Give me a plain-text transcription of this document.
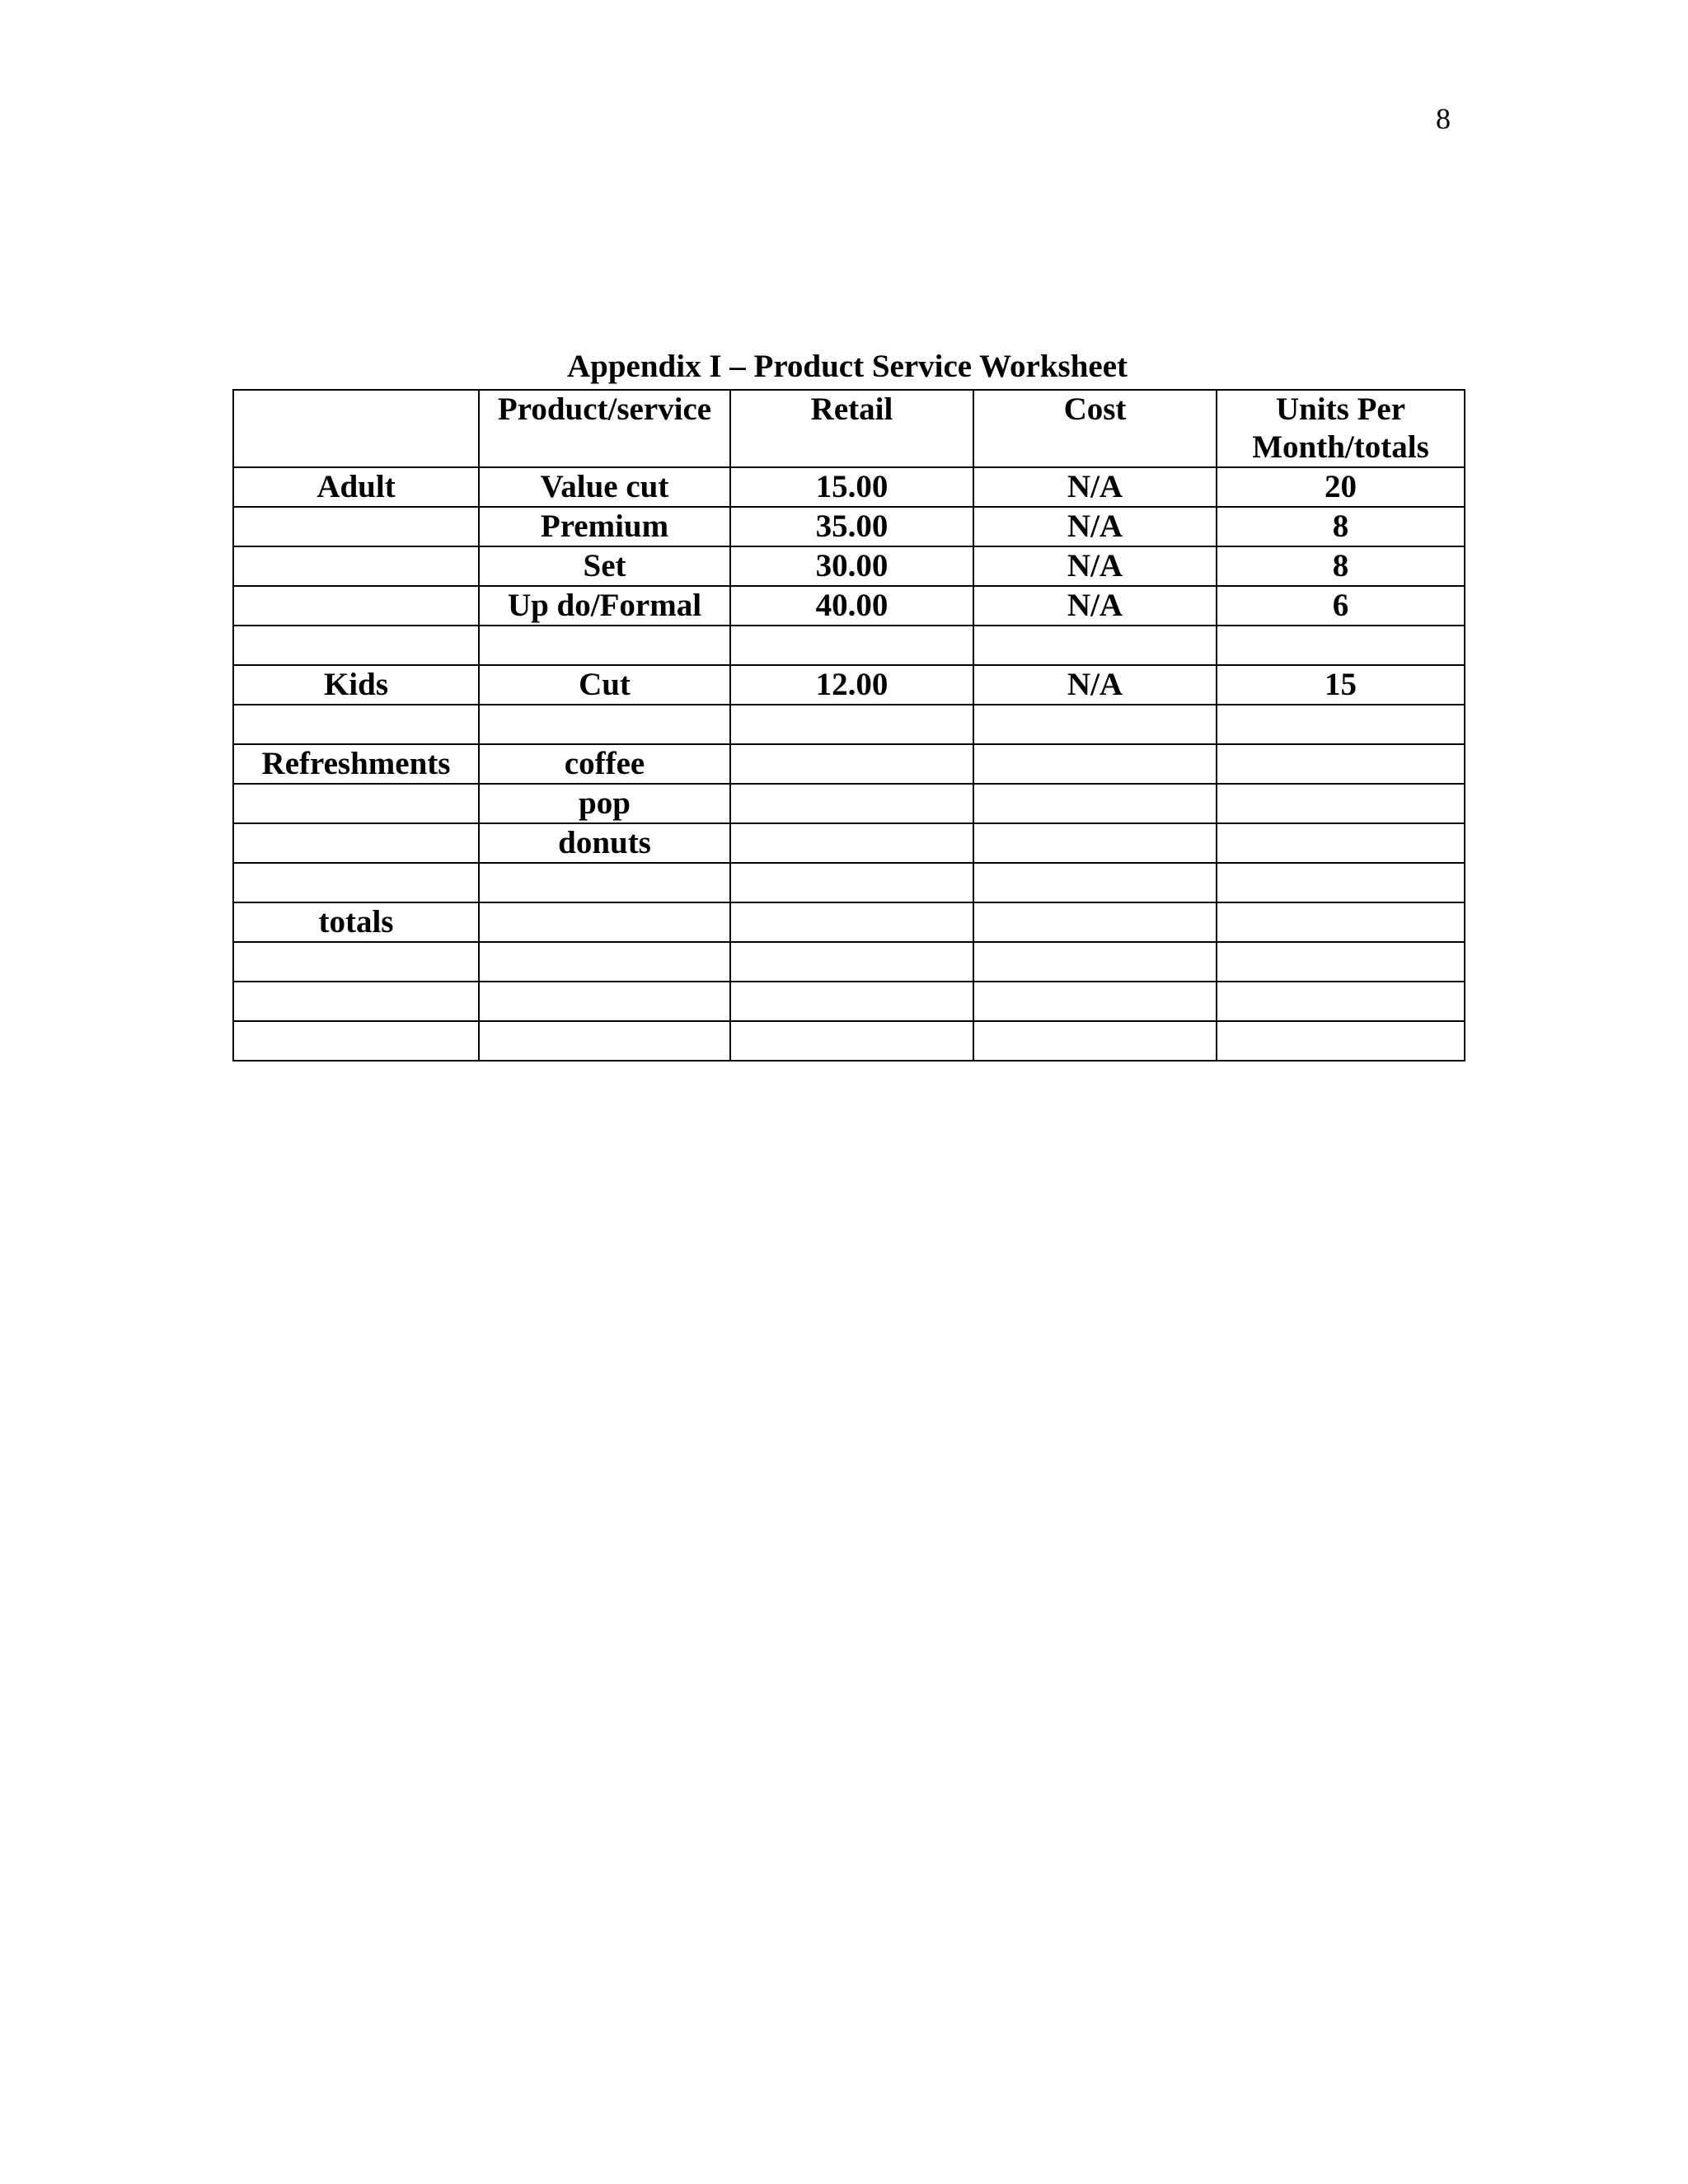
8
Appendix I – Product Service Worksheet

	Product/service	Retail	Cost	Units Per Month/totals

Adult	Value cut	15.00	N/A	20
	Premium	35.00	N/A	8
	Set	30.00	N/A	8
	Up do/Formal	40.00	N/A	6

Kids	Cut	12.00	N/A	15

Refreshments	coffee			
	pop			
	donuts			

totals				
